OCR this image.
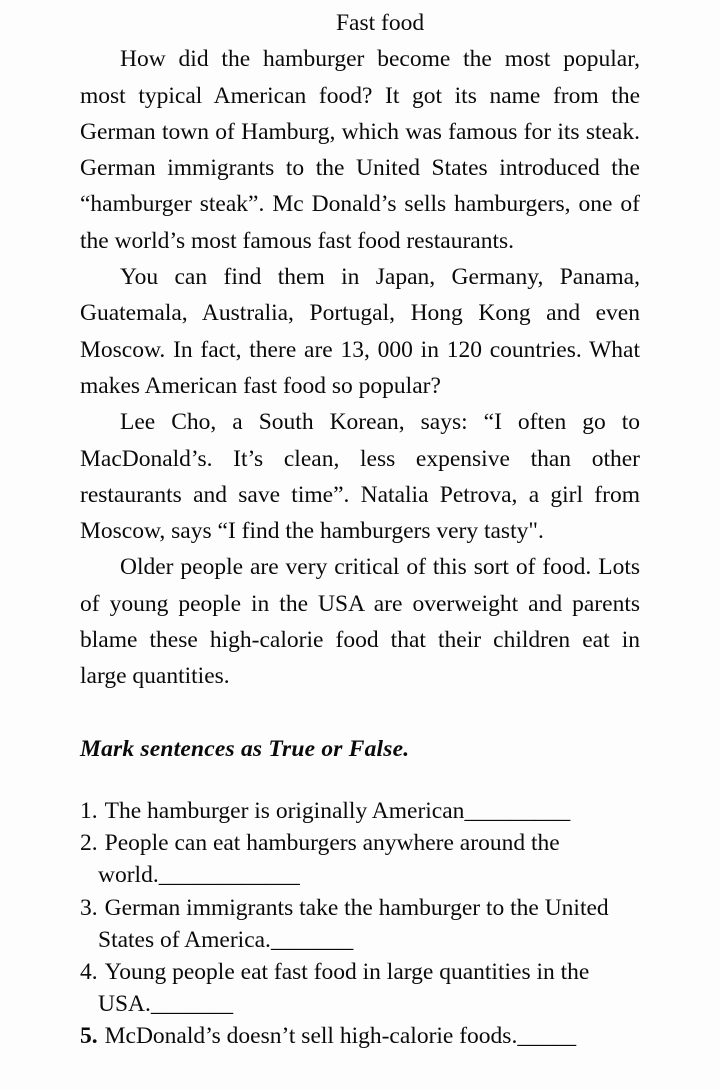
Fast food

How did the hamburger become the most popular, most typical American food? It got its name from the German town of Hamburg, which was famous for its steak. German immigrants to the United States introduced the “hamburger steak”. Mc Donald’s sells hamburgers, one of the world’s most famous fast food restaurants.

You can find them in Japan, Germany, Panama, Guatemala, Australia, Portugal, Hong Kong and even Moscow. In fact, there are 13, 000 in 120 countries. What makes American fast food so popular?

Lee Cho, a South Korean, says: “I often go to MacDonald’s. It’s clean, less expensive than other restaurants and save time”. Natalia Petrova, a girl from Moscow, says “I find the hamburgers very tasty".

Older people are very critical of this sort of food. Lots of young people in the USA are overweight and parents blame these high-calorie food that their children eat in large quantities.

Mark sentences as True or False.

1. The hamburger is originally American_________
2. People can eat hamburgers anywhere around the world.____________
3. German immigrants take the hamburger to the United States of America._______
4. Young people eat fast food in large quantities in the USA._______
5. McDonald’s doesn’t sell high-calorie foods._____
